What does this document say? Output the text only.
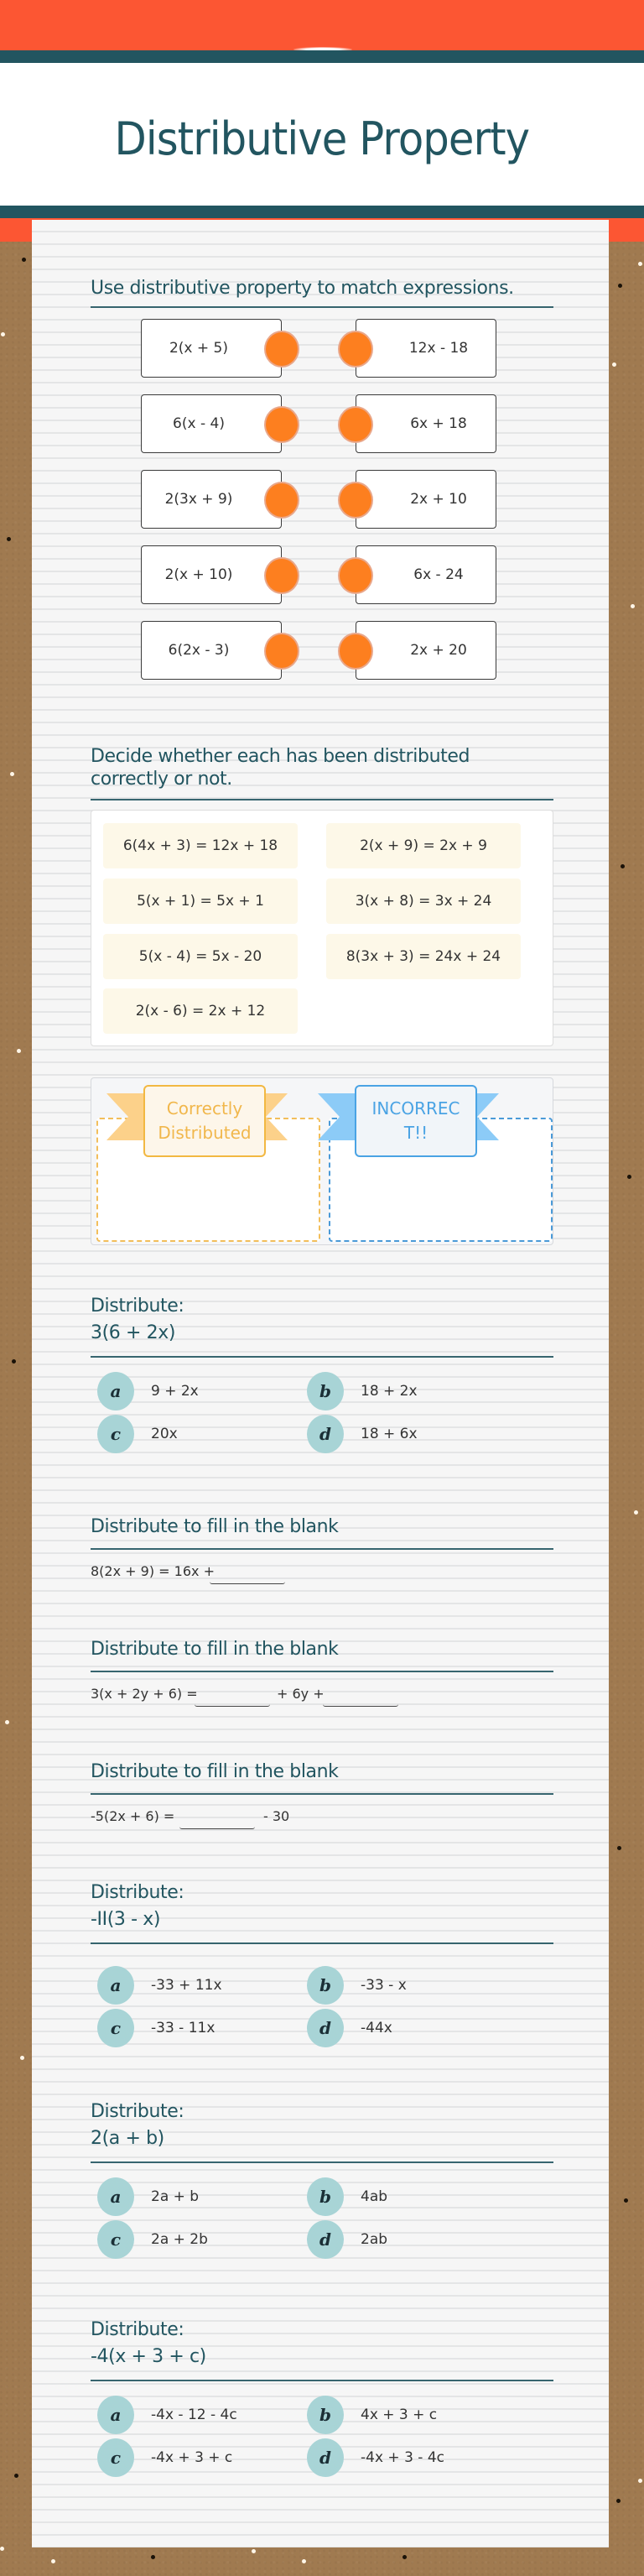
Distributive Property
Use distributive property to match expressions.
2(x + 5)	12x - 18
6(x - 4)	6x + 18
2(3x + 9)	2x + 10
2(x + 10)	6x - 24
6(2x - 3)	2x + 20
Decide whether each has been distributed
correctly or not.
6(4x + 3) = 12x + 18	2(x + 9) = 2x + 9
5(x + 1) = 5x + 1	3(x + 8) = 3x + 24
5(x - 4) = 5x - 20	8(3x + 3) = 24x + 24
2(x - 6) = 2x + 12
Correctly
Distributed
INCORREC
T!!
Distribute:
3(6 + 2x)
a	9 + 2x	b	18 + 2x
c	20x	d	18 + 6x
Distribute to fill in the blank
8(2x + 9) = 16x +
Distribute to fill in the blank
3(x + 2y + 6) =	+ 6y +
Distribute to fill in the blank
-5(2x + 6) =	- 30
Distribute:
-II(3 - x)
a	-33 + 11x	b	-33 - x
c	-33 - 11x	d	-44x
Distribute:
2(a + b)
a	2a + b	b	4ab
c	2a + 2b	d	2ab
Distribute:
-4(x + 3 + c)
a	-4x - 12 - 4c	b	4x + 3 + c
c	-4x + 3 + c	d	-4x + 3 - 4c
